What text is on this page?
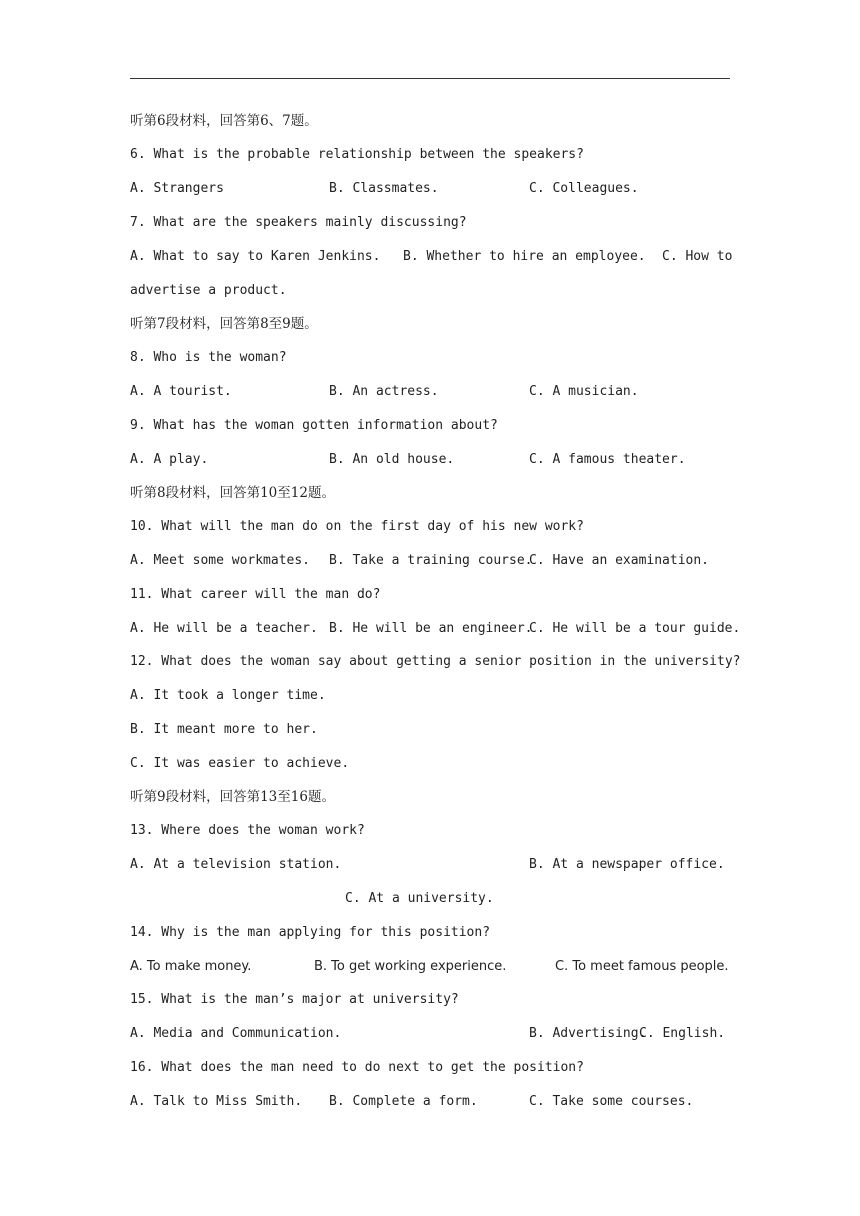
听第6段材料，回答第6、7题。
6. What is the probable relationship between the speakers?
A. Strangers	B. Classmates.	C. Colleagues.
7. What are the speakers mainly discussing?
A. What to say to Karen Jenkins. B. Whether to hire an employee. C. How to
advertise a product.
听第7段材料，回答第8至9题。
8. Who is the woman?
A. A tourist.	B. An actress.	C. A musician.
9. What has the woman gotten information about?
A. A play.	B. An old house.	C. A famous theater.
听第8段材料，回答第10至12题。
10. What will the man do on the first day of his new work?
A. Meet some workmates. B. Take a training course.
C. Have an examination.
11. What career will the man do?
A. He will be a teacher. B. He will be an engineer.
C. He will be a tour guide.
12. What does the woman say about getting a senior position in the university?
A. It took a longer time.
B. It meant more to her.
C. It was easier to achieve.
听第9段材料，回答第13至16题。
13. Where does the woman work?
A. At a television station.	B. At a newspaper office.
C. At a university.
14. Why is the man applying for this position?
A. To make money.	B. To get working experience.	C. To meet famous people.
15. What is the man’s major at university?
A. Media and Communication.	B. Advertising.
C. English.
16. What does the man need to do next to get the position?
A. Talk to Miss Smith. B. Complete a form.	C. Take some courses.
